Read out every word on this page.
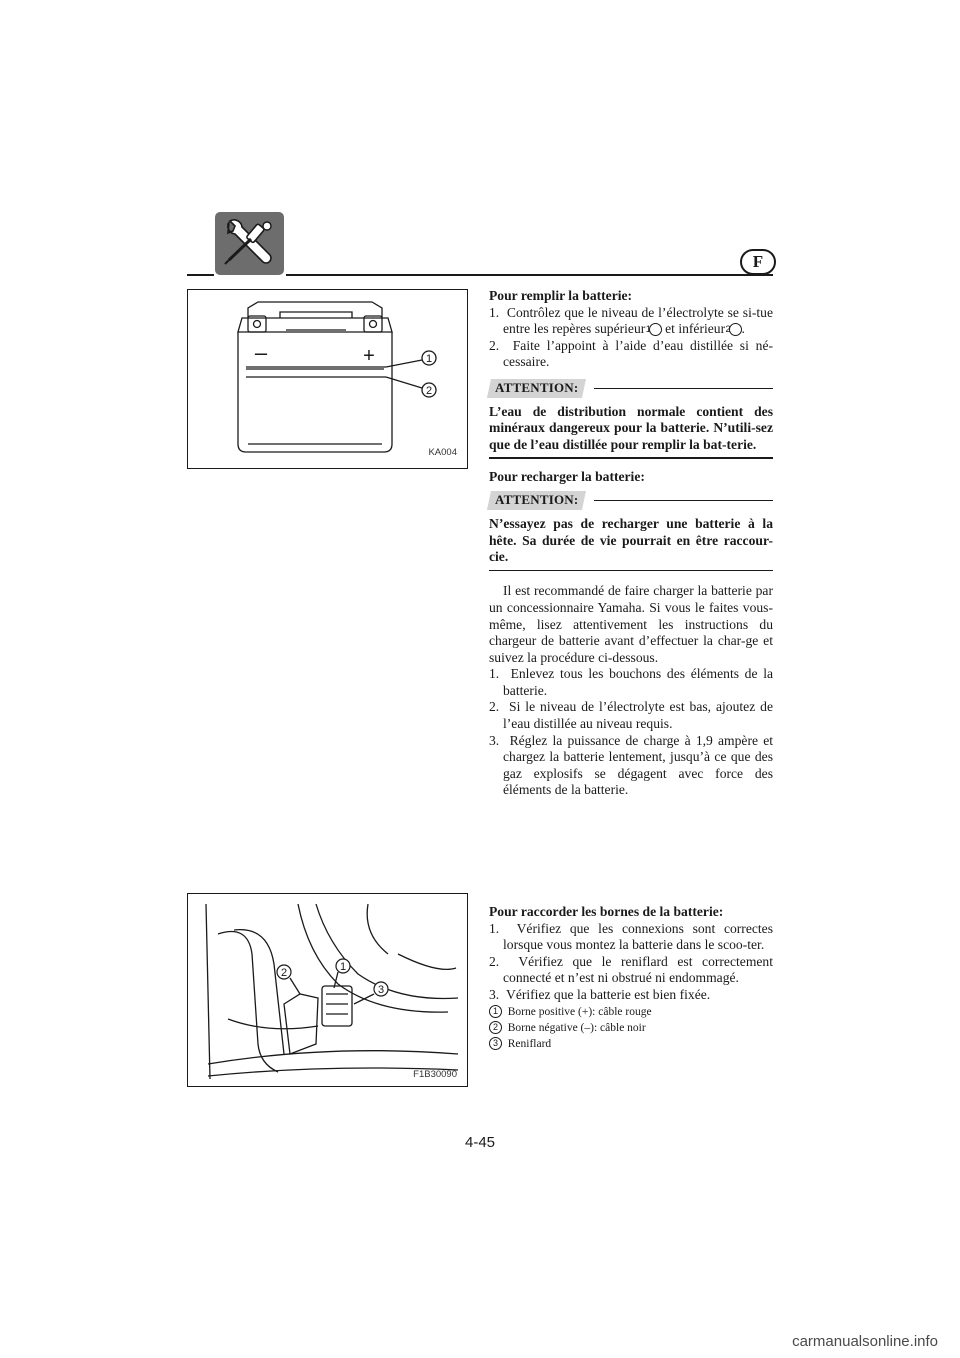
F
1
2
–	+
KA004
2	1
3
F1B30090

Pour remplir la batterie:

1. Contrôlez que le niveau de l’électrolyte se si-tue entre les repères supérieur 1 et inférieur 2 .

2. Faite l’appoint à l’aide d’eau distillée si né-cessaire.

ATTENTION:

L’eau de distribution normale contient des minéraux dangereux pour la batterie. N’utili-sez que de l’eau distillée pour remplir la bat-terie.

Pour recharger la batterie:

ATTENTION:

N’essayez pas de recharger une batterie à la hête. Sa durée de vie pourrait en être raccour-cie.

Il est recommandé de faire charger la batterie par un concessionnaire Yamaha. Si vous le faites vous-même, lisez attentivement les instructions du chargeur de batterie avant d’effectuer la char-ge et suivez la procédure ci-dessous.

1. Enlevez tous les bouchons des éléments de la batterie.

2. Si le niveau de l’électrolyte est bas, ajoutez de l’eau distillée au niveau requis.

3. Réglez la puissance de charge à 1,9 ampère et chargez la batterie lentement, jusqu’à ce que des gaz explosifs se dégagent avec force des éléments de la batterie.

Pour raccorder les bornes de la batterie:

1. Vérifiez que les connexions sont correctes lorsque vous montez la batterie dans le scoo-ter.

2. Vérifiez que le reniflard est correctement connecté et n’est ni obstrué ni endommagé.

3. Vérifiez que la batterie est bien fixée.

1 Borne positive (+): câble rouge
2 Borne négative (–): câble noir
3 Reniflard
4-45
carmanualsonline.info
